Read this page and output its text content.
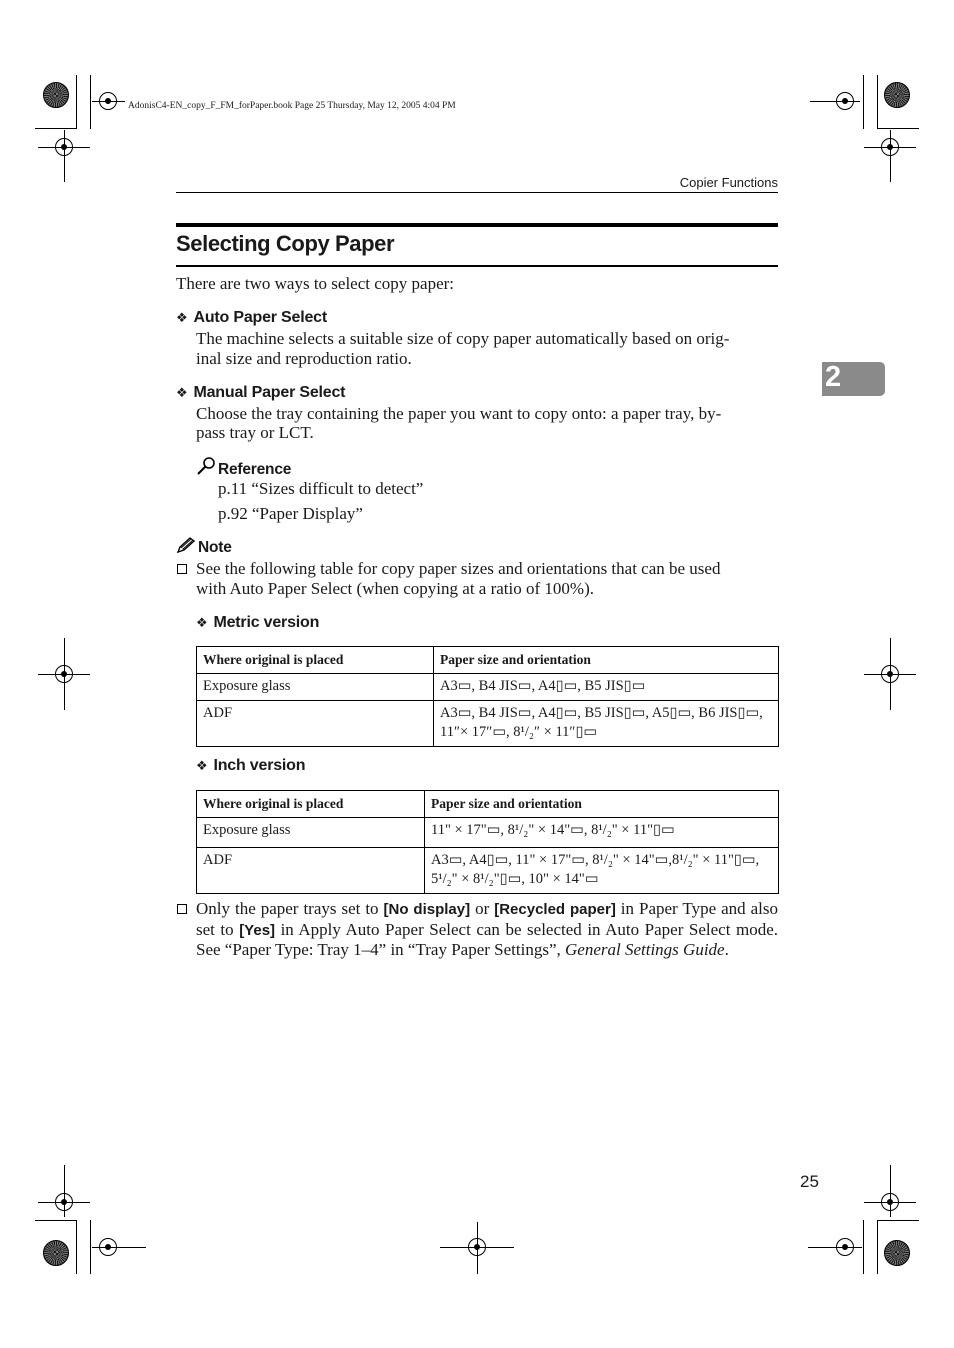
AdonisC4-EN_copy_F_FM_forPaper.book Page 25 Thursday, May 12, 2005 4:04 PM
Copier Functions
2
Selecting Copy Paper
There are two ways to select copy paper:
❖ Auto Paper Select
The machine selects a suitable size of copy paper automatically based on orig-
inal size and reproduction ratio.
❖ Manual Paper Select
Choose the tray containing the paper you want to copy onto: a paper tray, by-
pass tray or LCT.
Reference
p.11 “Sizes difficult to detect”
p.92 “Paper Display”
Note
See the following table for copy paper sizes and orientations that can be used
with Auto Paper Select (when copying at a ratio of 100%).
❖ Metric version
Where original is placed	Paper size and orientation
Exposure glass	A3▭, B4 JIS▭, A4▯▭, B5 JIS▯▭
ADF	A3▭, B4 JIS▭, A4▯▭, B5 JIS▯▭, A5▯▭, B6 JIS▯▭, 11″× 17″▭, 8¹/₂″ × 11″▯▭
❖ Inch version
Where original is placed	Paper size and orientation
Exposure glass	11" × 17"▭, 8¹/₂" × 14"▭, 8¹/₂" × 11"▯▭
ADF	A3▭, A4▯▭, 11" × 17"▭, 8¹/₂" × 14"▭,8¹/₂" × 11"▯▭, 5¹/₂" × 8¹/₂"▯▭, 10" × 14"▭
Only the paper trays set to [No display] or [Recycled paper] in Paper Type and also set to [Yes] in Apply Auto Paper Select can be selected in Auto Paper Select mode. See “Paper Type: Tray 1–4” in “Tray Paper Settings”, General Settings Guide.
25
